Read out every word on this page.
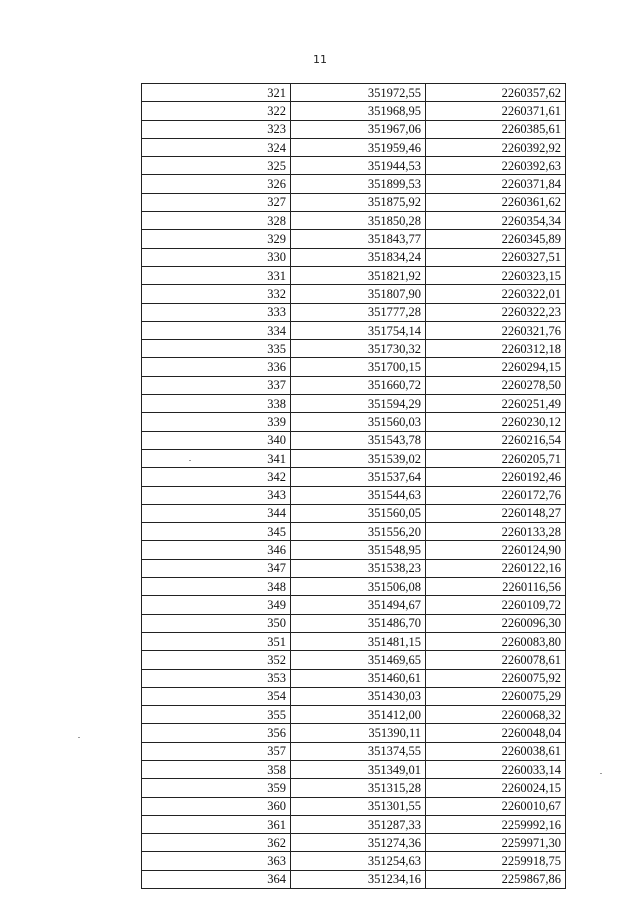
11
321	351972,55	2260357,62
322	351968,95	2260371,61
323	351967,06	2260385,61
324	351959,46	2260392,92
325	351944,53	2260392,63
326	351899,53	2260371,84
327	351875,92	2260361,62
328	351850,28	2260354,34
329	351843,77	2260345,89
330	351834,24	2260327,51
331	351821,92	2260323,15
332	351807,90	2260322,01
333	351777,28	2260322,23
334	351754,14	2260321,76
335	351730,32	2260312,18
336	351700,15	2260294,15
337	351660,72	2260278,50
338	351594,29	2260251,49
339	351560,03	2260230,12
340	351543,78	2260216,54
341	351539,02	2260205,71
342	351537,64	2260192,46
343	351544,63	2260172,76
344	351560,05	2260148,27
345	351556,20	2260133,28
346	351548,95	2260124,90
347	351538,23	2260122,16
348	351506,08	2260116,56
349	351494,67	2260109,72
350	351486,70	2260096,30
351	351481,15	2260083,80
352	351469,65	2260078,61
353	351460,61	2260075,92
354	351430,03	2260075,29
355	351412,00	2260068,32
356	351390,11	2260048,04
357	351374,55	2260038,61
358	351349,01	2260033,14
359	351315,28	2260024,15
360	351301,55	2260010,67
361	351287,33	2259992,16
362	351274,36	2259971,30
363	351254,63	2259918,75
364	351234,16	2259867,86
